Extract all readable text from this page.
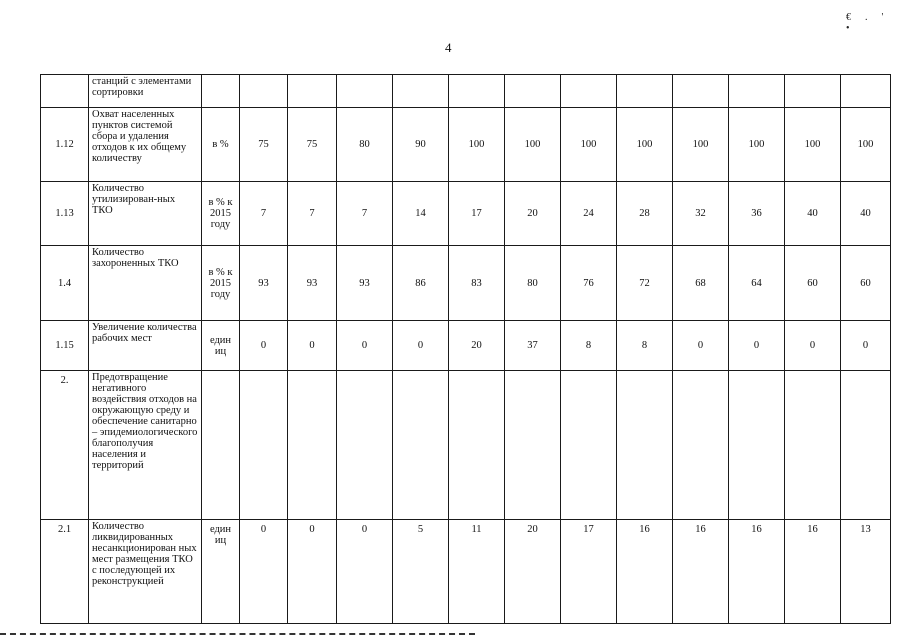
€.' •
4
	станций с элементами сортировки													
1.12	Охват населенных пунктов системой сбора и удаления отходов к их общему количеству	в %	75	75	80	90	100	100	100	100	100	100	100	100
1.13	Количество утилизирован-ных ТКО	в % к 2015 году	7	7	7	14	17	20	24	28	32	36	40	40
1.4	Количество захороненных ТКО	в % к 2015 году	93	93	93	86	83	80	76	72	68	64	60	60
1.15	Увеличение количества рабочих мест	един иц	0	0	0	0	20	37	8	8	0	0	0	0
2.	Предотвращение негативного воздействия отходов на окружающую среду и обеспечение санитарно – эпидемиологического благополучия населения и территорий													
2.1	Количество ликвидированных несанкционирован ных мест размещения ТКО с последующей их реконструкцией	един иц	0	0	0	5	11	20	17	16	16	16	16	13
